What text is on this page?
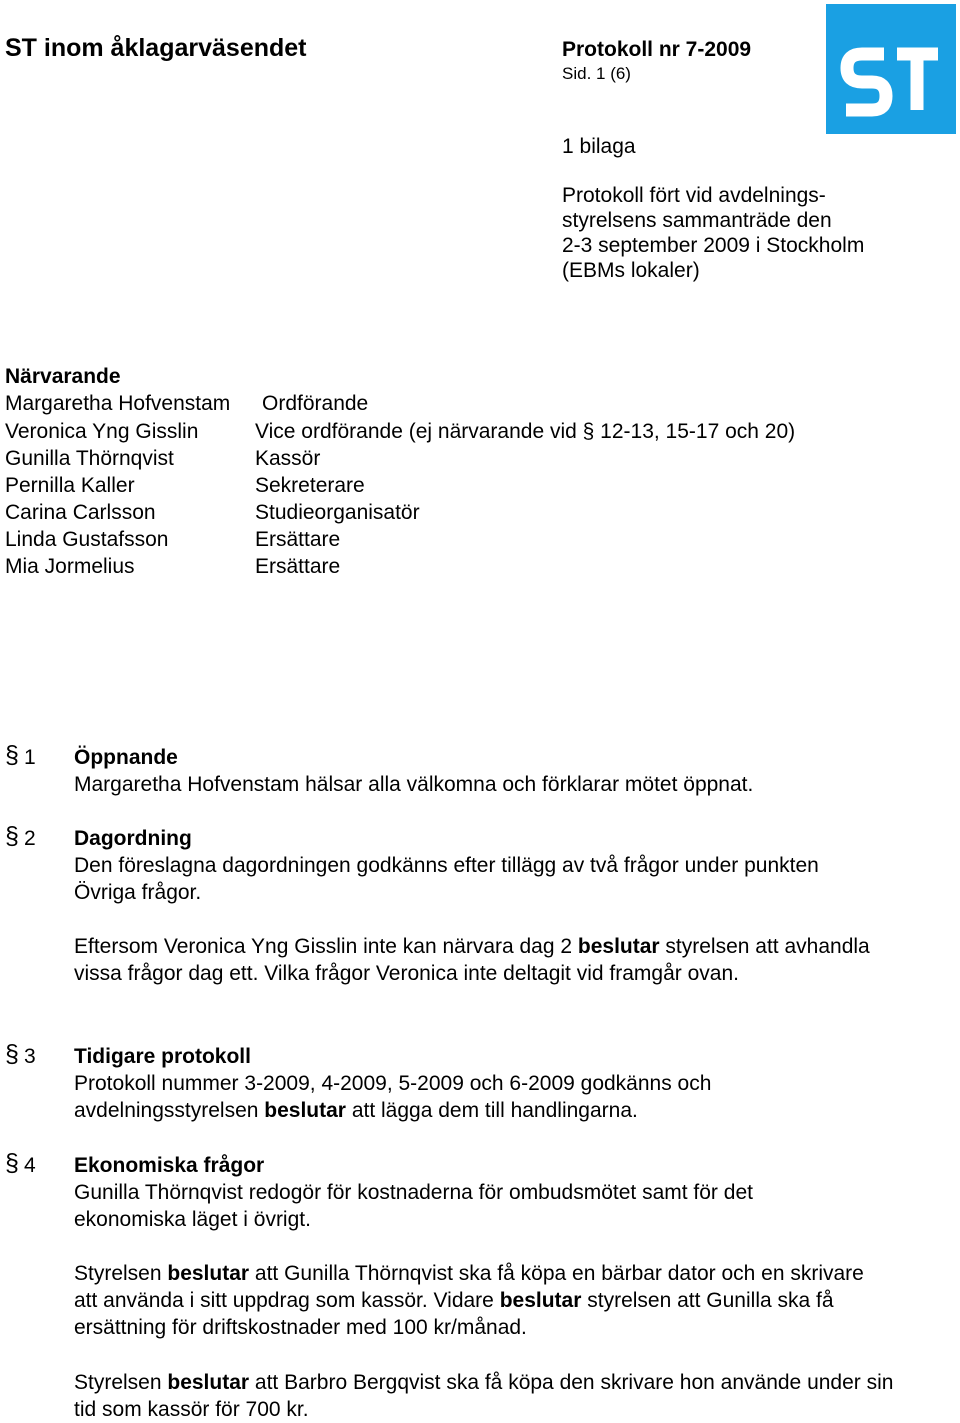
ST inom åklagarväsendet	Protokoll nr 7-2009
Sid. 1 (6)
1 bilaga
Protokoll fört vid avdelnings-
styrelsens sammanträde den
2-3 september 2009 i Stockholm
(EBMs lokaler)
ST
Närvarande
Margaretha Hofvenstam Ordförande
Veronica Yng Gisslin	Vice ordförande (ej närvarande vid § 12-13, 15-17 och 20)
Gunilla Thörnqvist	Kassör
Pernilla Kaller	Sekreterare
Carina Carlsson	Studieorganisatör
Linda Gustafsson	Ersättare
Mia Jormelius	Ersättare
§ 1 Öppnande
Margaretha Hofvenstam hälsar alla välkomna och förklarar mötet öppnat.
§ 2 Dagordning
Den föreslagna dagordningen godkänns efter tillägg av två frågor under punkten Övriga frågor.
Eftersom Veronica Yng Gisslin inte kan närvara dag 2 beslutar styrelsen att avhandla vissa frågor dag ett. Vilka frågor Veronica inte deltagit vid framgår ovan.
§ 3 Tidigare protokoll
Protokoll nummer 3-2009, 4-2009, 5-2009 och 6-2009 godkänns och avdelningsstyrelsen beslutar att lägga dem till handlingarna.
§ 4 Ekonomiska frågor
Gunilla Thörnqvist redogör för kostnaderna för ombudsmötet samt för det ekonomiska läget i övrigt.
Styrelsen beslutar att Gunilla Thörnqvist ska få köpa en bärbar dator och en skrivare att använda i sitt uppdrag som kassör. Vidare beslutar styrelsen att Gunilla ska få ersättning för driftskostnader med 100 kr/månad.
Styrelsen beslutar att Barbro Bergqvist ska få köpa den skrivare hon använde under sin tid som kassör för 700 kr.
